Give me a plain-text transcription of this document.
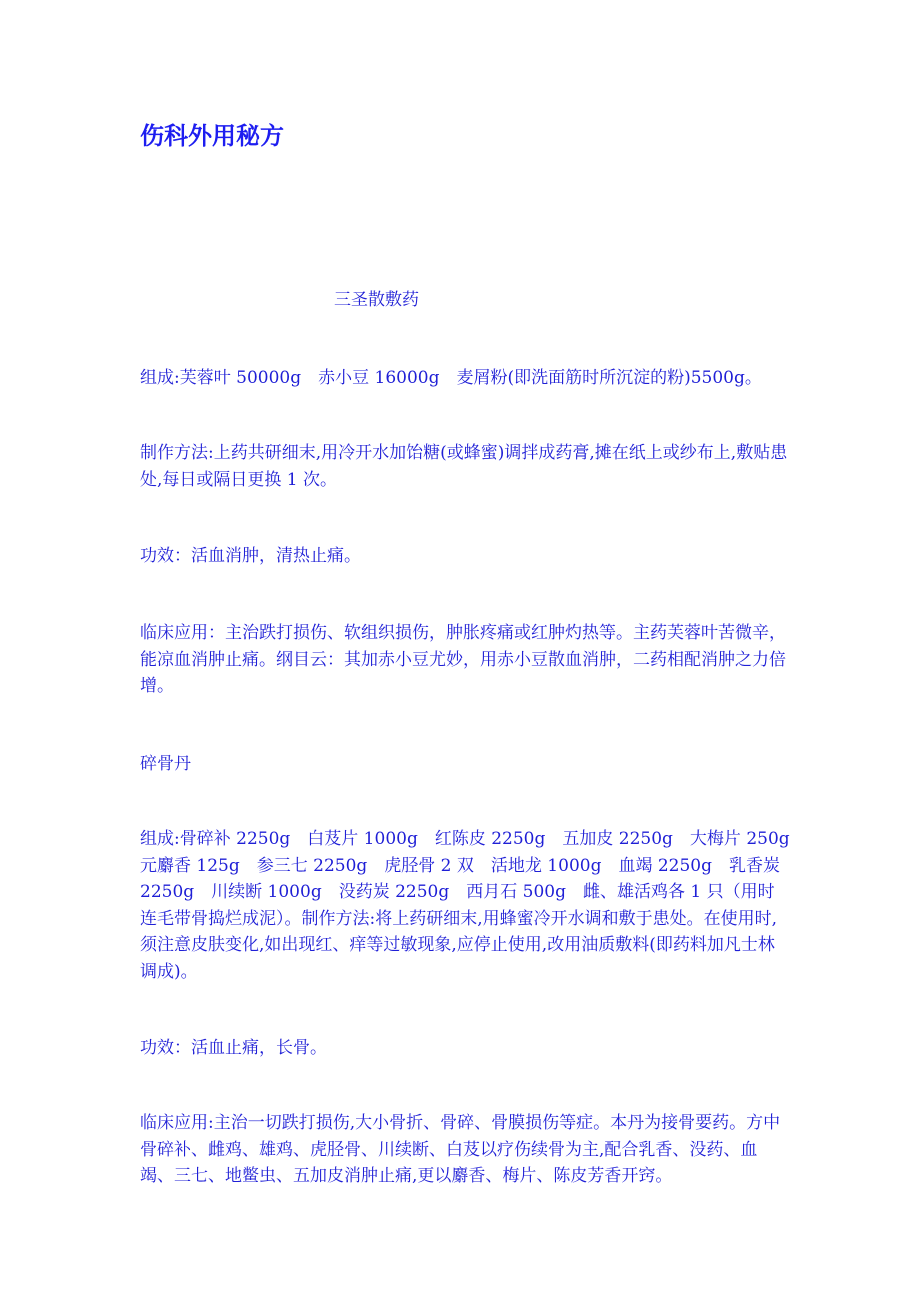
伤科外用秘方
三圣散敷药

组成:芙蓉叶 50000g　赤小豆 16000g　麦屑粉(即洗面筋时所沉淀的粉)5500g。

制作方法:上药共研细末,用冷开水加饴糖(或蜂蜜)调拌成药膏,摊在纸上或纱布上,敷贴患处,每日或隔日更换 1 次。

功效：活血消肿，清热止痛。

临床应用：主治跌打损伤、软组织损伤，肿胀疼痛或红肿灼热等。主药芙蓉叶苦微辛，能凉血消肿止痛。纲目云：其加赤小豆尤妙，用赤小豆散血消肿，二药相配消肿之力倍增。

碎骨丹

组成:骨碎补 2250g　白芨片 1000g　红陈皮 2250g　五加皮 2250g　大梅片 250g 元麝香 125g　参三七 2250g　虎胫骨 2 双　活地龙 1000g　血竭 2250g　乳香炭 2250g　川续断 1000g　没药炭 2250g　西月石 500g　雌、雄活鸡各 1 只（用时连毛带骨捣烂成泥）。制作方法:将上药研细末,用蜂蜜冷开水调和敷于患处。在使用时,须注意皮肤变化,如出现红、痒等过敏现象,应停止使用,改用油质敷料(即药料加凡士林调成)。

功效：活血止痛，长骨。

临床应用:主治一切跌打损伤,大小骨折、骨碎、骨膜损伤等症。本丹为接骨要药。方中骨碎补、雌鸡、雄鸡、虎胫骨、川续断、白芨以疗伤续骨为主,配合乳香、没药、血竭、三七、地鳖虫、五加皮消肿止痛,更以麝香、梅片、陈皮芳香开窍。
